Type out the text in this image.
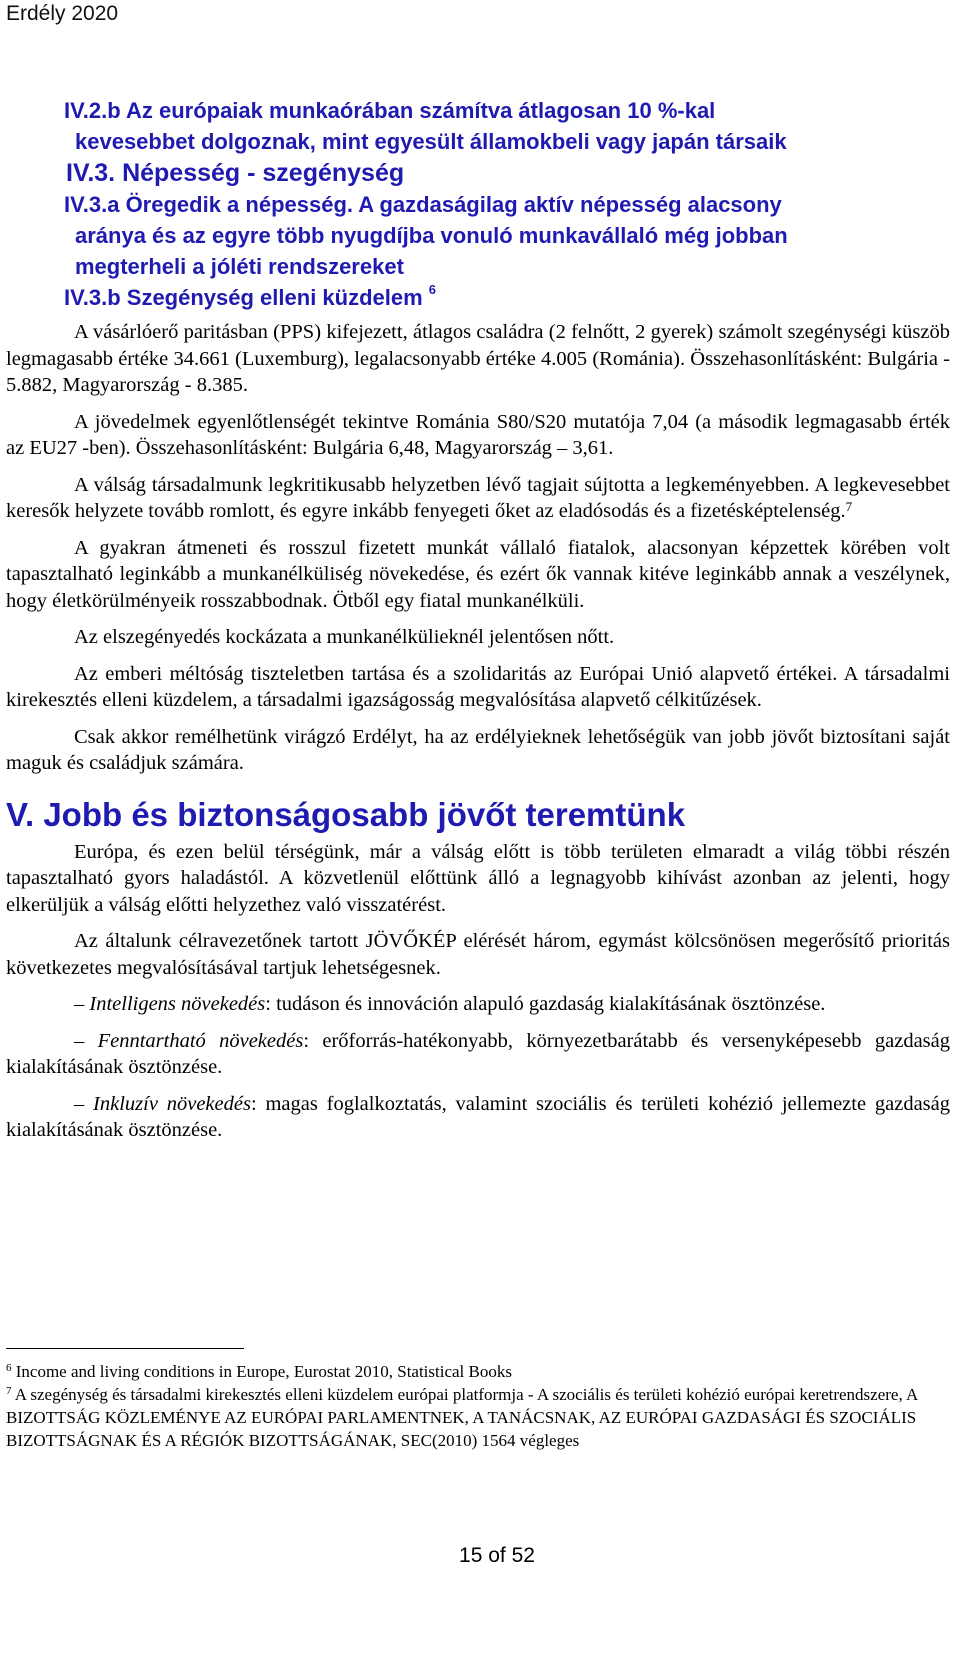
Erdély 2020
IV.2.b Az európaiak munkaórában számítva átlagosan 10 %-kal

kevesebbet dolgoznak, mint egyesült államokbeli vagy japán társaik
IV.3. Népesség - szegénység
IV.3.a Öregedik a népesség. A gazdaságilag aktív népesség alacsony

aránya és az egyre több nyugdíjba vonuló munkavállaló még jobban
megterheli a jóléti rendszereket
IV.3.b Szegénység elleni küzdelem $^6$

A vásárlóerő paritásban (PPS) kifejezett, átlagos családra (2 felnőtt, 2 gyerek) számolt szegénységi küszöb legmagasabb értéke 34.661 (Luxemburg), legalacsonyabb értéke 4.005 (Románia). Összehasonlításként: Bulgária - 5.882, Magyarország - 8.385.

A jövedelmek egyenlőtlenségét tekintve Románia S80/S20 mutatója 7,04 (a második legmagasabb érték az EU27 -ben). Összehasonlításként: Bulgária 6,48, Magyarország – 3,61.

A válság társadalmunk legkritikusabb helyzetben lévő tagjait sújtotta a legkeményebben. A legkevesebbet keresők helyzete tovább romlott, és egyre inkább fenyegeti őket az eladósodás és a fizetésképtelenség.$^7$

A gyakran átmeneti és rosszul fizetett munkát vállaló fiatalok, alacsonyan képzettek körében volt tapasztalható leginkább a munkanélküliség növekedése, és ezért ők vannak kitéve leginkább annak a veszélynek, hogy életkörülményeik rosszabbodnak. Ötből egy fiatal munkanélküli.

Az elszegényedés kockázata a munkanélkülieknél jelentősen nőtt.

Az emberi méltóság tiszteletben tartása és a szolidaritás az Európai Unió alapvető értékei. A társadalmi kirekesztés elleni küzdelem, a társadalmi igazságosság megvalósítása alapvető célkitűzések.

Csak akkor remélhetünk virágzó Erdélyt, ha az erdélyieknek lehetőségük van jobb jövőt biztosítani saját maguk és családjuk számára.

V. Jobb és biztonságosabb jövőt teremtünk

Európa, és ezen belül térségünk, már a válság előtt is több területen elmaradt a világ többi részén tapasztalható gyors haladástól. A közvetlenül előttünk álló a legnagyobb kihívást azonban az jelenti, hogy elkerüljük a válság előtti helyzethez való visszatérést.

Az általunk célravezetőnek tartott JÖVŐKÉP elérését három, egymást kölcsönösen megerősítő prioritás következetes megvalósításával tartjuk lehetségesnek.

– Intelligens növekedés: tudáson és innováción alapuló gazdaság kialakításának ösztönzése.

– Fenntartható növekedés: erőforrás-hatékonyabb, környezetbarátabb és versenyképesebb gazdaság kialakításának ösztönzése.

– Inkluzív növekedés: magas foglalkoztatás, valamint szociális és területi kohézió jellemezte gazdaság kialakításának ösztönzése.

$^6$ Income and living conditions in Europe, Eurostat 2010, Statistical Books
$^7$ A szegénység és társadalmi kirekesztés elleni küzdelem európai platformja - A szociális és területi kohézió európai keretrendszere, A BIZOTTSÁG KÖZLEMÉNYE AZ EURÓPAI PARLAMENTNEK, A TANÁCSNAK, AZ EURÓPAI GAZDASÁGI ÉS SZOCIÁLIS BIZOTTSÁGNAK ÉS A RÉGIÓK BIZOTTSÁGÁNAK, SEC(2010) 1564 végleges
15 of 52
